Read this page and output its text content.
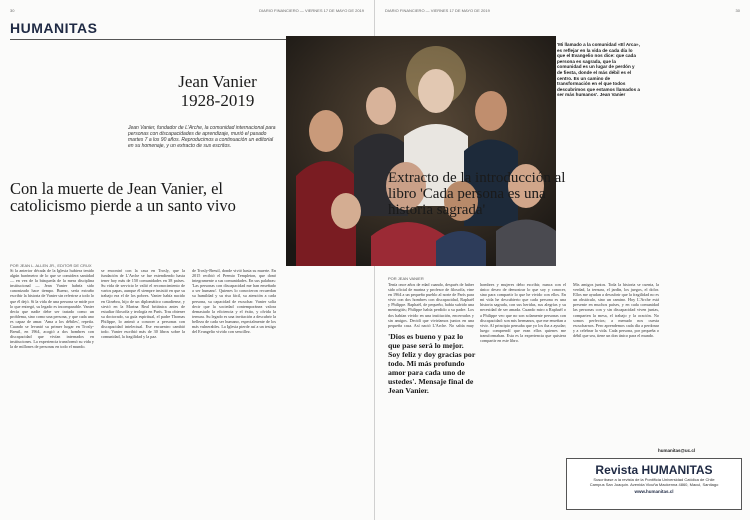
30	DIARIO FINANCIERO — VIERNES 17 DE MAYO DE 2019
HUMANITAS
Jean Vanier
1928-2019
Jean Vanier, fundador de L'Arche, la comunidad internacional para personas con discapacidades de aprendizaje, murió el pasado martes 7 a los 90 años. Reproducimos a continuación un editorial en su homenaje, y un extracto de sus escritos.
Con la muerte de Jean Vanier, el catolicismo pierde a un santo vivo
POR JEAN L. ALLEN JR., EDITOR DE CRUX
Si la anterior década de la Iglesia hubiera tenido algún barómetro de lo que se considera santidad — en vez de la búsqueda de la mera disciplina institucional — Jean Vanier habría sido canonizado hace tiempo. Bueno, sería extraño escribir la historia de Vanier sin referirse a todo lo que él dejó. Si la vida de una persona se mide por lo que entregó, su legado es incomparable. Vanier decía que nadie debe ser tratado como un problema, sino como una persona, y que cada uno es capaz de amar. 'Ama a los débiles', repetía. Cuando se levantó su primer hogar en Trosly-Breuil, en 1964, acogió a dos hombres con discapacidad que vivían internados en instituciones. La experiencia transformó su vida y la de millones de personas en todo el mundo.
se encontró con la casa en Trosly, que la fundación de L'Arche se fue extendiendo hasta tener hoy más de 150 comunidades en 38 países. Su vida de servicio le valió el reconocimiento de varios papas, aunque él siempre insistió en que su trabajo era el de los pobres. Vanier había nacido en Ginebra, hijo de un diplomático canadiense, y sirvió en la Marina Real británica antes de estudiar filosofía y teología en París. Tras obtener su doctorado, su guía espiritual, el padre Thomas Philippe, lo animó a conocer a personas con discapacidad intelectual. Ese encuentro cambió todo. Vanier escribió más de 30 libros sobre la comunidad, la fragilidad y la paz.
de Trosly-Breuil, donde vivió hasta su muerte. En 2015 recibió el Premio Templeton, que donó íntegramente a sus comunidades. En sus palabras: 'Las personas con discapacidad me han enseñado a ser humano'. Quienes lo conocieron recuerdan su humildad y su risa fácil, su atención a cada persona, su capacidad de escuchar. Vanier solía decir que la sociedad contemporánea valora demasiado la eficiencia y el éxito, y olvida la ternura. Su legado es una invitación a descubrir la belleza de cada ser humano, especialmente de los más vulnerables. La Iglesia pierde así a un testigo del Evangelio vivido con sencillez.
DIARIO FINANCIERO — VIERNES 17 DE MAYO DE 2019	30
'Mi llamado a la comunidad «El Arca», es reflejar en la vida de cada día lo que el Evangelio nos dice: que cada persona es sagrada, que la comunidad es un lugar de perdón y de fiesta, donde el más débil es el centro. Es un camino de transformación en el que todos descubrimos que estamos llamados a ser más humanos'. Jean Vanier
POR JEAN VANIER
Extracto de la introducción al libro 'Cada persona es una historia sagrada'
Tenía once años de edad cuando, después de haber sido oficial de marina y profesor de filosofía, vine en 1964 a un pequeño pueblo al norte de París para vivir con dos hombres con discapacidad, Raphaël y Philippe. Raphaël, de pequeño, había sufrido una meningitis; Philippe había perdido a su padre. Los dos habían vivido en una institución, encerrados y sin amigos. Decidí que viviríamos juntos en una pequeña casa. Así nació L'Arche. No sabía muy
'Dios es bueno y paz lo que pase será lo mejor. Soy feliz y doy gracias por todo. Mi más profundo amor para cada uno de ustedes'. Mensaje final de Jean Vanier.
hombres y mujeres debo escribir, nunca con el único deseo de demostrar lo que soy y conocer, sino para compartir lo que he vivido con ellos. En mi vida he descubierto que cada persona es una historia sagrada, con sus heridas, sus alegrías y su necesidad de ser amada. Cuando miro a Raphaël o a Philippe veo que no son solamente personas con discapacidad: son mis hermanos, que me enseñan a vivir. Al principio pensaba que yo los iba a ayudar; luego comprendí que eran ellos quienes me transformaban. Esta es la experiencia que quisiera compartir en este libro.
Mis amigos juntos. Toda la historia se cuenta, la verdad, la ternura, el jardín, los juegos, el dolor. Ellos me ayudan a descubrir que la fragilidad no es un obstáculo, sino un camino. Hoy L'Arche está presente en muchos países, y en cada comunidad las personas con y sin discapacidad viven juntas, comparten la mesa, el trabajo y la oración. No somos perfectos; a menudo nos cuesta escucharnos. Pero aprendemos cada día a perdonar y a celebrar la vida. Cada persona, por pequeña o débil que sea, tiene un don único para el mundo.
humanitas@uc.cl
Revista HUMANITAS
Suscríbase a la revista de la Pontificia Universidad Católica de Chile
Campus San Joaquín. Avenida Vicuña Mackenna 4860, Macul, Santiago
www.humanitas.cl
